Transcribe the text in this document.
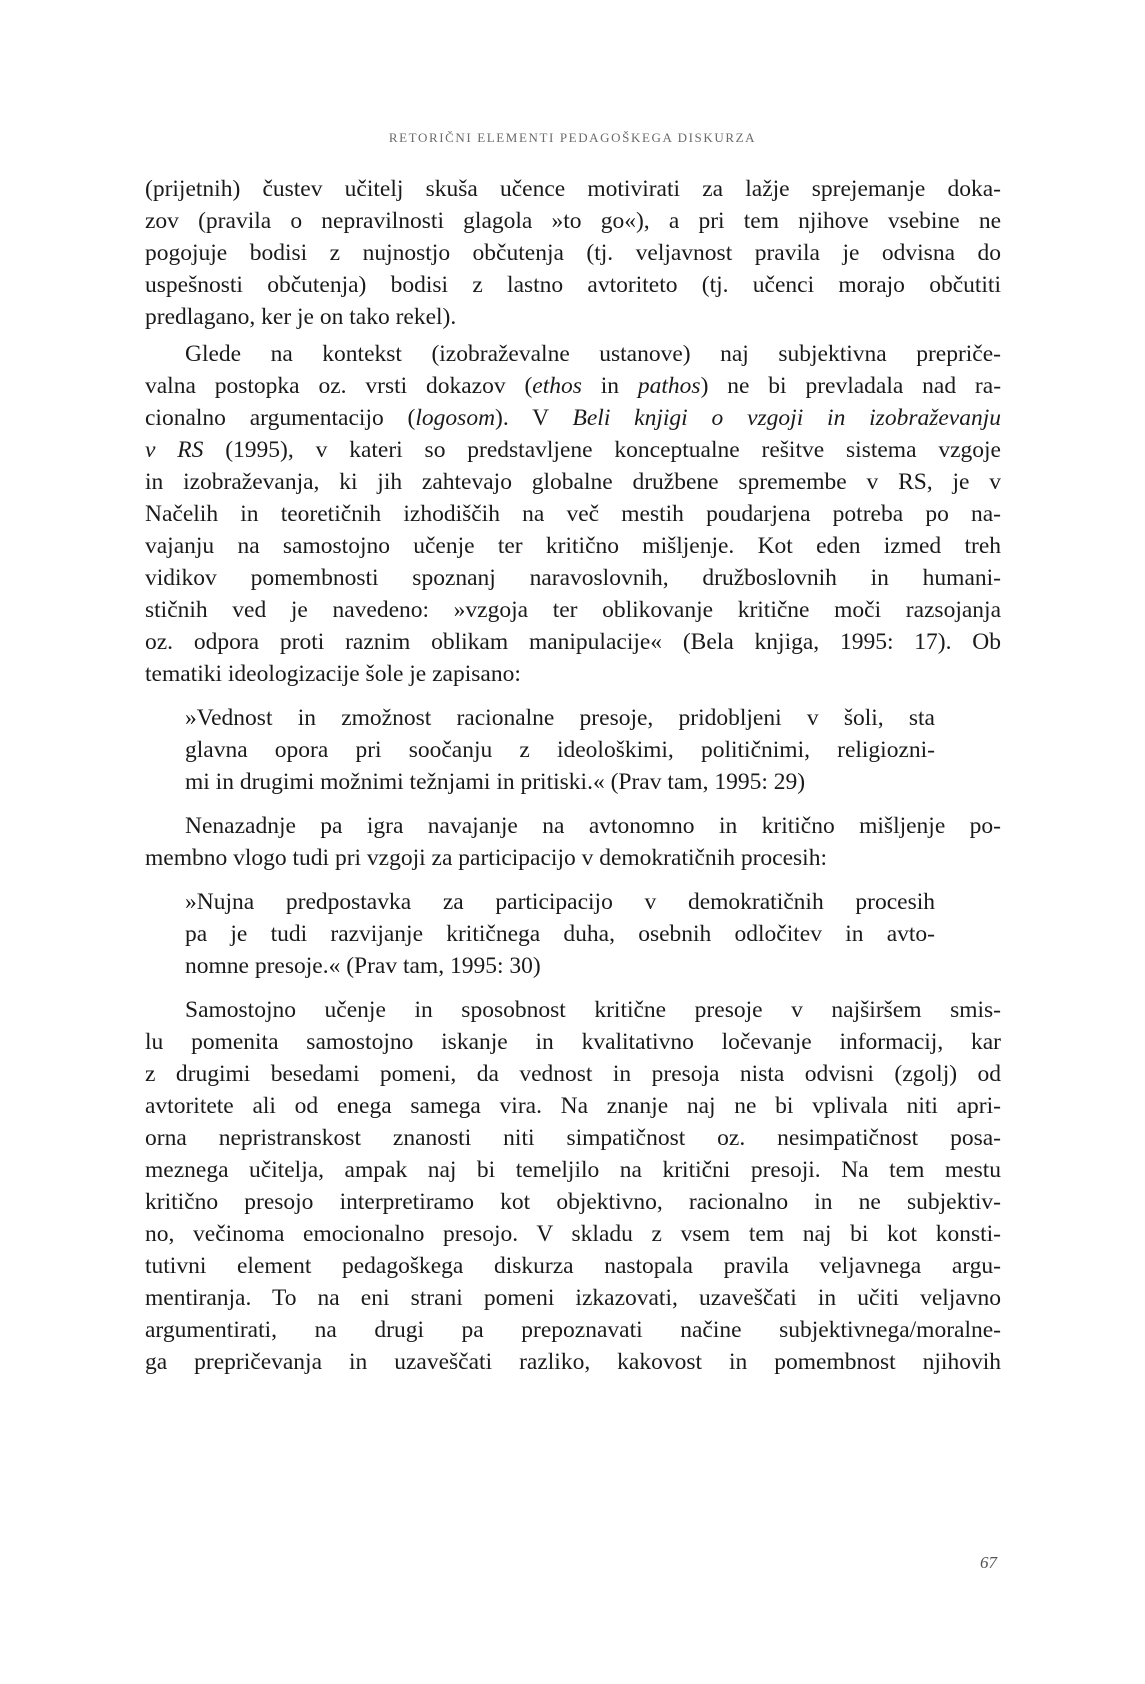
RETORIČNI ELEMENTI PEDAGOŠKEGA DISKURZA
(prijetnih) čustev učitelj skuša učence motivirati za lažje sprejemanje doka-
zov (pravila o nepravilnosti glagola »to go«), a pri tem njihove vsebine ne
pogojuje bodisi z nujnostjo občutenja (tj. veljavnost pravila je odvisna do
uspešnosti občutenja) bodisi z lastno avtoriteto (tj. učenci morajo občutiti
predlagano, ker je on tako rekel).
Glede na kontekst (izobraževalne ustanove) naj subjektivna prepriče-
valna postopka oz. vrsti dokazov (ethos in pathos) ne bi prevladala nad ra-
cionalno argumentacijo (logosom). V Beli knjigi o vzgoji in izobraževanju
v RS (1995), v kateri so predstavljene konceptualne rešitve sistema vzgoje
in izobraževanja, ki jih zahtevajo globalne družbene spremembe v RS, je v
Načelih in teoretičnih izhodiščih na več mestih poudarjena potreba po na-
vajanju na samostojno učenje ter kritično mišljenje. Kot eden izmed treh
vidikov pomembnosti spoznanj naravoslovnih, družboslovnih in humani-
stičnih ved je navedeno: »vzgoja ter oblikovanje kritične moči razsojanja
oz. odpora proti raznim oblikam manipulacije« (Bela knjiga, 1995: 17). Ob
tematiki ideologizacije šole je zapisano:
»Vednost in zmožnost racionalne presoje, pridobljeni v šoli, sta
glavna opora pri soočanju z ideološkimi, političnimi, religiozni-
mi in drugimi možnimi težnjami in pritiski.« (Prav tam, 1995: 29)
Nenazadnje pa igra navajanje na avtonomno in kritično mišljenje po-
membno vlogo tudi pri vzgoji za participacijo v demokratičnih procesih:
»Nujna predpostavka za participacijo v demokratičnih procesih
pa je tudi razvijanje kritičnega duha, osebnih odločitev in avto-
nomne presoje.« (Prav tam, 1995: 30)
Samostojno učenje in sposobnost kritične presoje v najširšem smis-
lu pomenita samostojno iskanje in kvalitativno ločevanje informacij, kar
z drugimi besedami pomeni, da vednost in presoja nista odvisni (zgolj) od
avtoritete ali od enega samega vira. Na znanje naj ne bi vplivala niti apri-
orna nepristranskost znanosti niti simpatičnost oz. nesimpatičnost posa-
meznega učitelja, ampak naj bi temeljilo na kritični presoji. Na tem mestu
kritično presojo interpretiramo kot objektivno, racionalno in ne subjektiv-
no, večinoma emocionalno presojo. V skladu z vsem tem naj bi kot konsti-
tutivni element pedagoškega diskurza nastopala pravila veljavnega argu-
mentiranja. To na eni strani pomeni izkazovati, uzaveščati in učiti veljavno
argumentirati, na drugi pa prepoznavati načine subjektivnega/moralne-
ga prepričevanja in uzaveščati razliko, kakovost in pomembnost njihovih
67
